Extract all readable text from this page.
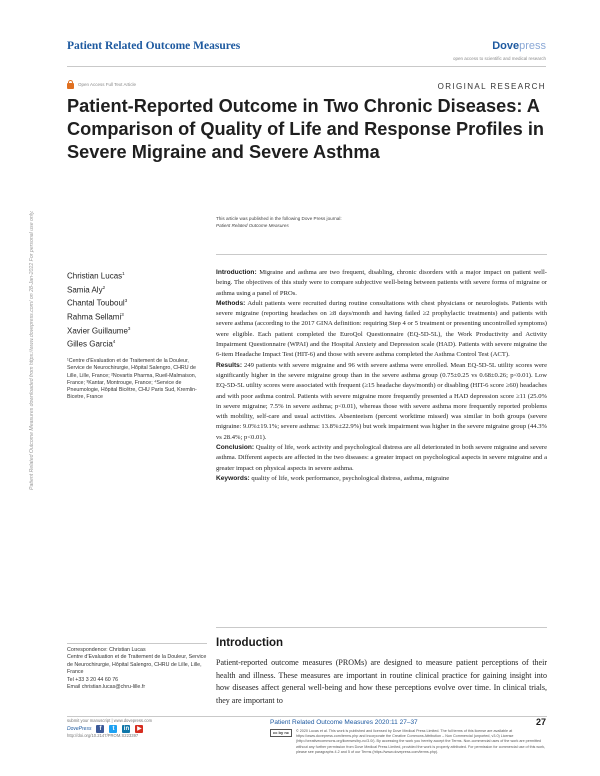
Patient Related Outcome Measures	Dovepress
open access to scientific and medical research
Open Access Full Text Article	ORIGINAL RESEARCH
Patient-Reported Outcome in Two Chronic Diseases: A Comparison of Quality of Life and Response Profiles in Severe Migraine and Severe Asthma
This article was published in the following Dove Press journal:
Patient Related Outcome Measures
Christian Lucas$^1$
Samia Aly$^2$
Chantal Touboul$^3$
Rahma Sellami$^3$
Xavier Guillaume$^3$
Gilles Garcia$^4$
¹Centre d’Evaluation et de Traitement de la Douleur, Service de Neurochirurgie, Hôpital Salengro, CHRU de Lille, Lille, France; ²Novartis Pharma, Rueil-Malmaison, France; ³Kantar, Montrouge, France; ⁴Service de Pneumologie, Hôpital Bicêtre, CHU Paris Sud, Kremlin-Bicetre, France

Introduction: Migraine and asthma are two frequent, disabling, chronic disorders with a major impact on patient well-being. The objectives of this study were to compare subjective well-being between patients with severe forms of migraine or asthma using a panel of PROs.

Methods: Adult patients were recruited during routine consultations with chest physicians or neurologists. Patients with severe migraine (reporting headaches on ≥8 days/month and having failed ≥2 prophylactic treatments) and patients with severe asthma (according to the 2017 GINA definition: requiring Step 4 or 5 treatment or presenting uncontrolled symptoms) were eligible. Each patient completed the EuroQol Questionnaire (EQ-5D-5L), the Work Productivity and Activity Impairment Questionnaire (WPAI) and the Hospital Anxiety and Depression scale (HAD). Patients with severe migraine the 6-item Headache Impact Test (HIT-6) and those with severe asthma completed the Asthma Control Test (ACT).

Results: 249 patients with severe migraine and 96 with severe asthma were enrolled. Mean EQ-5D-5L utility scores were significantly higher in the severe migraine group than in the severe asthma group (0.75±0.25 vs 0.68±0.26; p<0.01). Low EQ-5D-5L utility scores were associated with frequent (≥15 headache days/month) or disabling (HIT-6 score ≥60) headaches and with poor asthma control. Patients with severe migraine more frequently presented a HAD depression score ≥11 (25.0% in severe migraine; 7.5% in severe asthma; p<0.01), whereas those with severe asthma more frequently reported problems with mobility, self-care and usual activities. Absenteeism (percent worktime missed) was similar in both groups (severe migraine: 9.0%±19.1%; severe asthma: 13.8%±22.9%) but work impairment was higher in the severe migraine group (44.3% vs 28.4%; p<0.01).

Conclusion: Quality of life, work activity and psychological distress are all deteriorated in both severe migraine and severe asthma. Different aspects are affected in the two diseases: a greater impact on psychological aspects in severe migraine and a greater impact on physical aspects in severe asthma.

Keywords: quality of life, work performance, psychological distress, asthma, migraine

Correspondence: Christian Lucas
Centre d’Evaluation et de Traitement de la Douleur, Service de Neurochirurgie, Hôpital Salengro, CHRU de Lille, Lille, France
Tel +33 3 20 44 60 76
Email christian.lucas@chru-lille.fr
Introduction

Patient-reported outcome measures (PROMs) are designed to measure patient perceptions of their health and illness. These measures are important in routine clinical practice for gaining insight into how diseases affect general well-being and how these perceptions evolve over time. In clinical trials, they are important to

Patient Related Outcome Measures downloaded from https://www.dovepress.com/ on 28-Jan-2022 For personal use only.
submit your manuscript | www.dovepress.com
DovePress	f	t	in ▶
http://doi.org/10.2147/PROM.S223397
Patient Related Outcome Measures 2020:11 27–37	27
cc by nc	© 2020 Lucas et al. This work is published and licensed by Dove Medical Press Limited. The full terms of this license are available at https://www.dovepress.com/terms.php and incorporate the Creative Commons Attribution – Non Commercial (unported, v3.0) License (http://creativecommons.org/licenses/by-nc/3.0/). By accessing the work you hereby accept the Terms. Non-commercial uses of the work are permitted without any further permission from Dove Medical Press Limited, provided the work is properly attributed. For permission for commercial use of this work, please see paragraphs 4.2 and 5 of our Terms (https://www.dovepress.com/terms.php).
